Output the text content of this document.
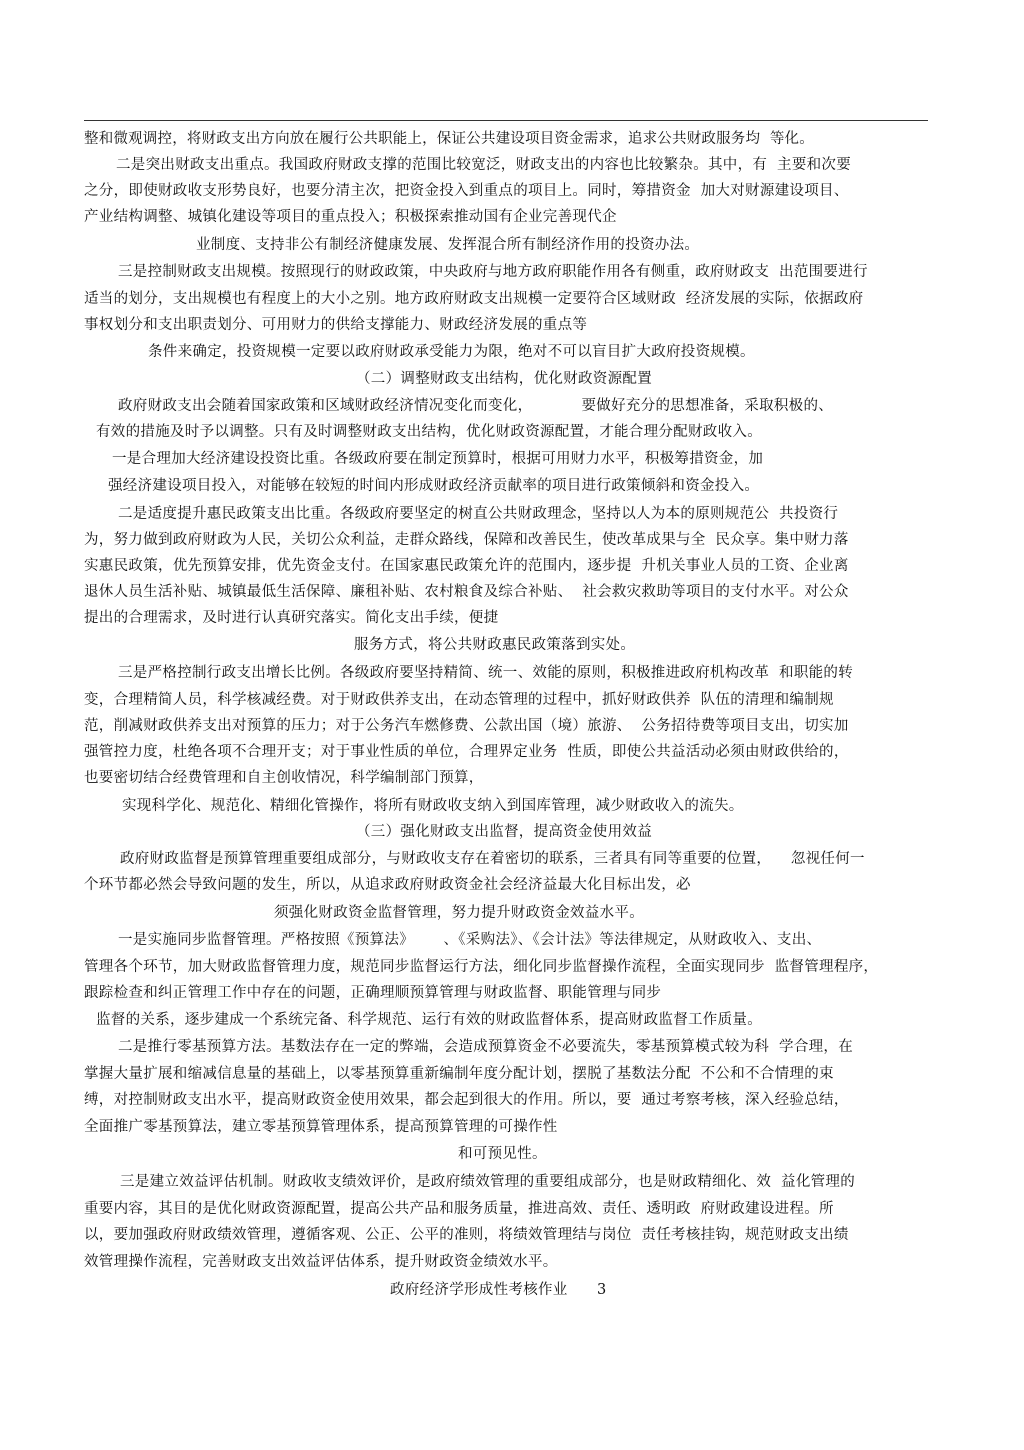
整和微观调控，将财政支出方向放在履行公共职能上，保证公共建设项目资金需求，追求公共财政服务均  等化。
二是突出财政支出重点。我国政府财政支撑的范围比较宽泛，财政支出的内容也比较繁杂。其中，有  主要和次要
之分，即使财政收支形势良好，也要分清主次，把资金投入到重点的项目上。同时，筹措资金  加大对财源建设项目、
产业结构调整、城镇化建设等项目的重点投入；积极探索推动国有企业完善现代企
业制度、支持非公有制经济健康发展、发挥混合所有制经济作用的投资办法。
三是控制财政支出规模。按照现行的财政政策，中央政府与地方政府职能作用各有侧重，政府财政支  出范围要进行
适当的划分，支出规模也有程度上的大小之别。地方政府财政支出规模一定要符合区域财政  经济发展的实际，依据政府
事权划分和支出职责划分、可用财力的供给支撑能力、财政经济发展的重点等
条件来确定，投资规模一定要以政府财政承受能力为限，绝对不可以盲目扩大政府投资规模。
（二）调整财政支出结构，优化财政资源配置
政府财政支出会随着国家政策和区域财政经济情况变化而变化，          要做好充分的思想准备，采取积极的、
有效的措施及时予以调整。只有及时调整财政支出结构，优化财政资源配置，才能合理分配财政收入。
一是合理加大经济建设投资比重。各级政府要在制定预算时，根据可用财力水平，积极筹措资金，加
强经济建设项目投入，对能够在较短的时间内形成财政经济贡献率的项目进行政策倾斜和资金投入。
二是适度提升惠民政策支出比重。各级政府要坚定的树直公共财政理念，坚持以人为本的原则规范公  共投资行
为，努力做到政府财政为人民，关切公众利益，走群众路线，保障和改善民生，使改革成果与全  民众享。集中财力落
实惠民政策，优先预算安排，优先资金支付。在国家惠民政策允许的范围内，逐步提  升机关事业人员的工资、企业离
退休人员生活补贴、城镇最低生活保障、廉租补贴、农村粮食及综合补贴、  社会救灾救助等项目的支付水平。对公众
提出的合理需求，及时进行认真研究落实。简化支出手续，便捷
服务方式，将公共财政惠民政策落到实处。
三是严格控制行政支出增长比例。各级政府要坚持精简、统一、效能的原则，积极推进政府机构改革  和职能的转
变，合理精简人员，科学核减经费。对于财政供养支出，在动态管理的过程中，抓好财政供养  队伍的清理和编制规
范，削减财政供养支出对预算的压力；对于公务汽车燃修费、公款出国（境）旅游、  公务招待费等项目支出，切实加
强管控力度，杜绝各项不合理开支；对于事业性质的单位，合理界定业务  性质，即使公共益活动必须由财政供给的，
也要密切结合经费管理和自主创收情况，科学编制部门预算，
实现科学化、规范化、精细化管操作，将所有财政收支纳入到国库管理，减少财政收入的流失。
（三）强化财政支出监督，提高资金使用效益
政府财政监督是预算管理重要组成部分，与财政收支存在着密切的联系，三者具有同等重要的位置，    忽视任何一
个环节都必然会导致问题的发生，所以，从追求政府财政资金社会经济益最大化目标出发，必
须强化财政资金监督管理，努力提升财政资金效益水平。
一是实施同步监督管理。严格按照《预算法》      、《采购法》、《会计法》等法律规定，从财政收入、支出、
管理各个环节，加大财政监督管理力度，规范同步监督运行方法，细化同步监督操作流程，全面实现同步  监督管理程序，
跟踪检查和纠正管理工作中存在的问题，正确理顺预算管理与财政监督、职能管理与同步
监督的关系，逐步建成一个系统完备、科学规范、运行有效的财政监督体系，提高财政监督工作质量。
二是推行零基预算方法。基数法存在一定的弊端，会造成预算资金不必要流失，零基预算模式较为科  学合理，在
掌握大量扩展和缩减信息量的基础上，以零基预算重新编制年度分配计划，摆脱了基数法分配  不公和不合情理的束
缚，对控制财政支出水平，提高财政资金使用效果，都会起到很大的作用。所以，要  通过考察考核，深入经验总结，
全面推广零基预算法，建立零基预算管理体系，提高预算管理的可操作性
和可预见性。
三是建立效益评估机制。财政收支绩效评价，是政府绩效管理的重要组成部分，也是财政精细化、效  益化管理的
重要内容，其目的是优化财政资源配置，提高公共产品和服务质量，推进高效、责任、透明政  府财政建设进程。所
以，要加强政府财政绩效管理，遵循客观、公正、公平的准则，将绩效管理结与岗位  责任考核挂钩，规范财政支出绩
效管理操作流程，完善财政支出效益评估体系，提升财政资金绩效水平。
政府经济学形成性考核作业      3
